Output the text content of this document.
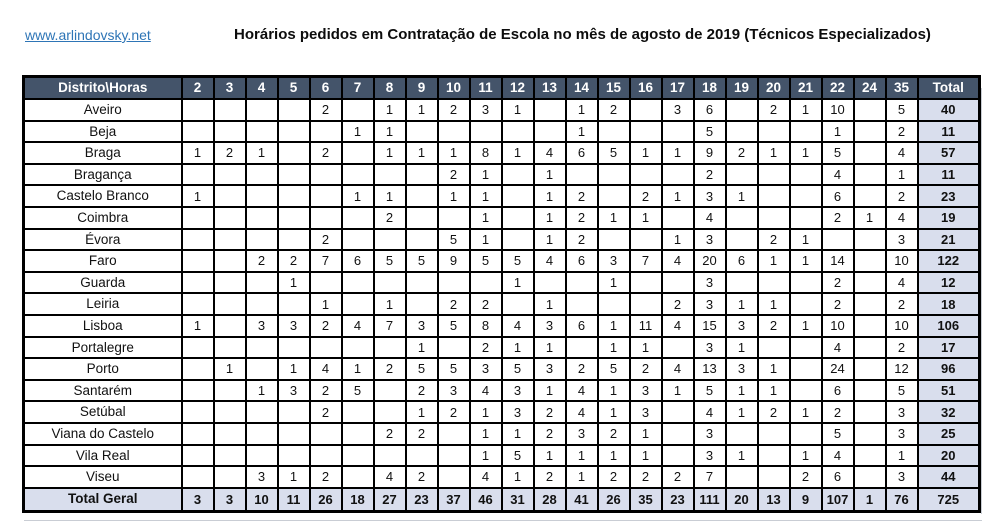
www.arlindovsky.net	Horários pedidos em Contratação de Escola no mês de agosto de 2019 (Técnicos Especializados)
Distrito\Horas	2	3	4	5	6	7	8	9	10	11	12	13	14	15	16	17	18	19	20	21	22	24	35	Total
Aveiro					2		1	1	2	3	1		1	2		3	6		2	1	10		5	40
Beja						1	1						1				5				1		2	11
Braga	1	2	1		2		1	1	1	8	1	4	6	5	1	1	9	2	1	1	5		4	57
Bragança									2	1		1					2				4		1	11
Castelo Branco	1					1	1		1	1		1	2		2	1	3	1			6		2	23
Coimbra							2			1		1	2	1	1		4				2	1	4	19
Évora					2				5	1		1	2			1	3		2	1			3	21
Faro			2	2	7	6	5	5	9	5	5	4	6	3	7	4	20	6	1	1	14		10	122
Guarda				1							1			1			3				2		4	12
Leiria					1		1		2	2		1				2	3	1	1		2		2	18
Lisboa	1		3	3	2	4	7	3	5	8	4	3	6	1	11	4	15	3	2	1	10		10	106
Portalegre								1		2	1	1		1	1		3	1			4		2	17
Porto		1		1	4	1	2	5	5	3	5	3	2	5	2	4	13	3	1		24		12	96
Santarém			1	3	2	5		2	3	4	3	1	4	1	3	1	5	1	1		6		5	51
Setúbal					2			1	2	1	3	2	4	1	3		4	1	2	1	2		3	32
Viana do Castelo							2	2		1	1	2	3	2	1		3				5		3	25
Vila Real										1	5	1	1	1	1		3	1		1	4		1	20
Viseu			3	1	2		4	2		4	1	2	1	2	2	2	7			2	6		3	44
Total Geral	3	3	10	11	26	18	27	23	37	46	31	28	41	26	35	23	111	20	13	9	107	1	76	725
